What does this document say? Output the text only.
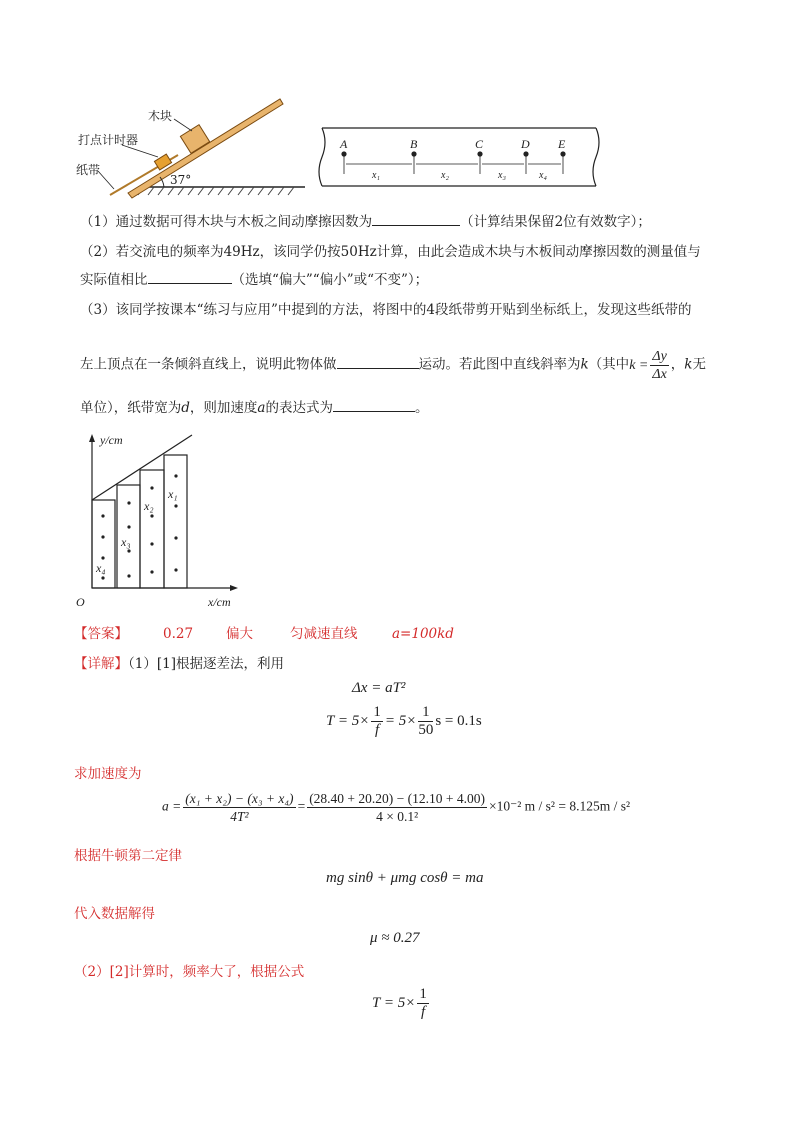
木块
打点计时器
纸带
37°
A	B	C	D E
x₁	x₂	x₃	x₄
（1）通过数据可得木块与木板之间动摩擦因数为	（计算结果保留2位有效数字）；
（2）若交流电的频率为49Hz，该同学仍按50Hz计算，由此会造成木块与木板间动摩擦因数的测量值与
实际值相比	（选填“偏大”“偏小”或“不变”）；
（3）该同学按课本“练习与应用”中提到的方法，将图中的4段纸带剪开贴到坐标纸上，发现这些纸带的
左上顶点在一条倾斜直线上，说明此物体做	运动。若此图中直线斜率为k（其中$k = \frac{\Delta y}{\Delta x}$ ，k无
单位），纸带宽为d，则加速度a的表达式为	。
x₄
x₃
x₂
x₁
y/cm
x/cm
O
【答案】	0.27 偏大	匀减速直线	a=100kd
【详解】（1）[1]根据逐差法，利用
Δx = aT²
$T = 5\times \frac{1}{f} = 5\times \frac{1}{50}$ s = 0.1s
求加速度为
$a = \frac{\text{(x₁ + x₂) − (x₃ + x₄)}}{\text{4T²}} = \frac{(28.40 + 20.20) - (12.10 + 4.00)}{\text{4 × 0.1²}} \times 10^{-2}$ m / s² = 8.125m / s²
根据牛顿第二定律
mg sinθ + μmg cosθ = ma
代入数据解得
μ ≈ 0.27
（2）[2]计算时，频率大了，根据公式
$T = 5\times \frac{1}{f}$
